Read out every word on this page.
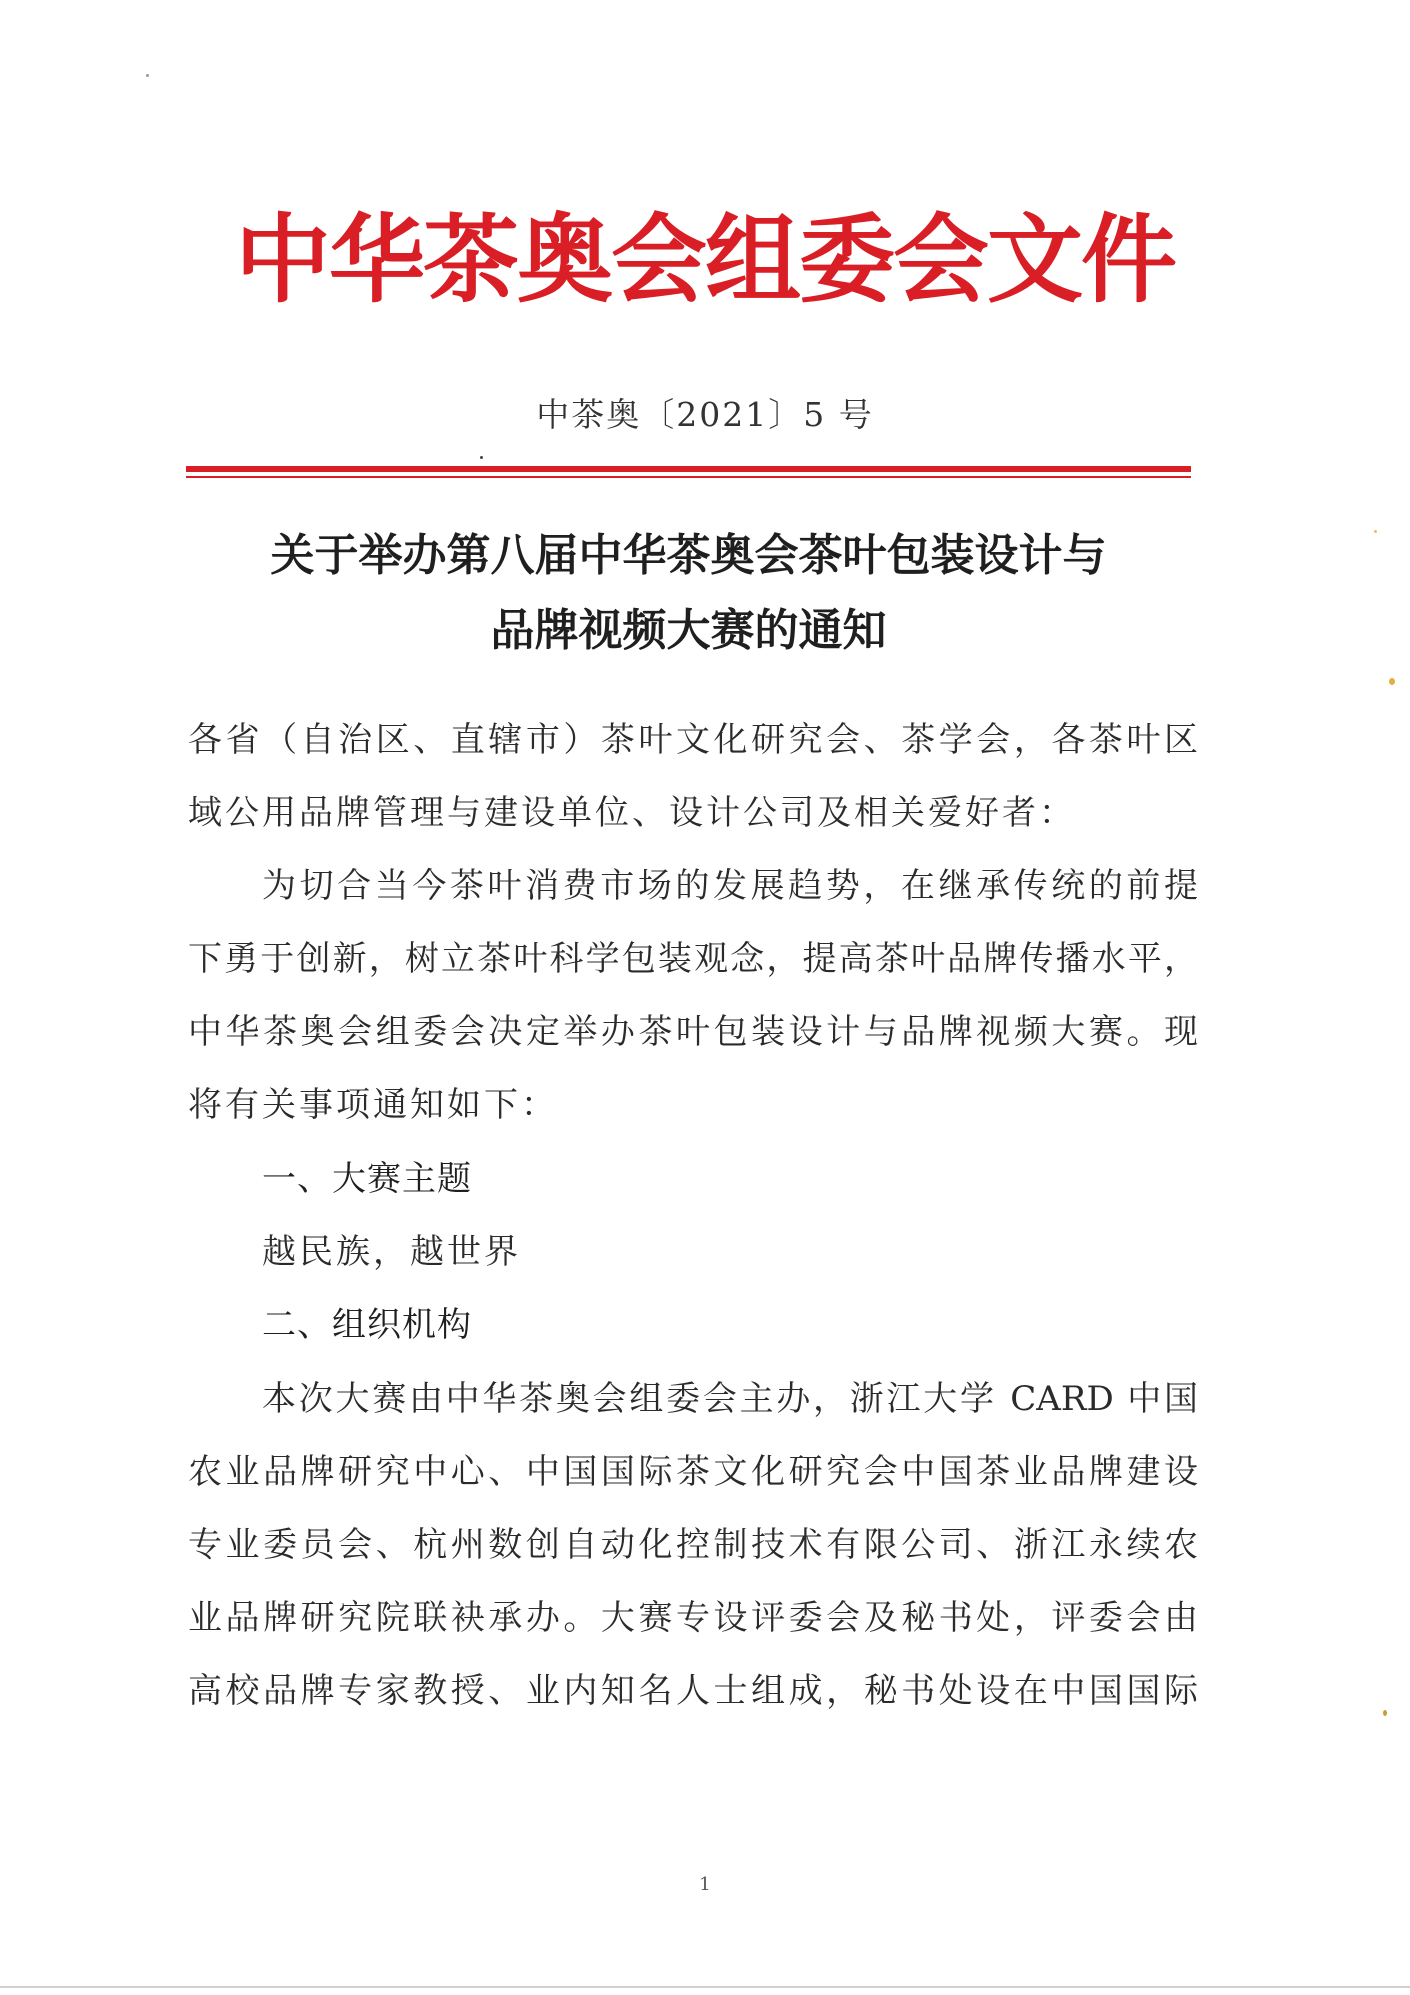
中华茶奥会组委会文件
中茶奥〔2021〕5 号
关于举办第八届中华茶奥会茶叶包装设计与
品牌视频大赛的通知
各省（自治区、直辖市）茶叶文化研究会、茶学会，各茶叶区
域公用品牌管理与建设单位、设计公司及相关爱好者：
为切合当今茶叶消费市场的发展趋势，在继承传统的前提
下勇于创新，树立茶叶科学包装观念，提高茶叶品牌传播水平，
中华茶奥会组委会决定举办茶叶包装设计与品牌视频大赛。现
将有关事项通知如下：
一、大赛主题
越民族，越世界
二、组织机构
本次大赛由中华茶奥会组委会主办，浙江大学 CARD 中国
农业品牌研究中心、中国国际茶文化研究会中国茶业品牌建设
专业委员会、杭州数创自动化控制技术有限公司、浙江永续农
业品牌研究院联袂承办。大赛专设评委会及秘书处，评委会由
高校品牌专家教授、业内知名人士组成，秘书处设在中国国际
1
